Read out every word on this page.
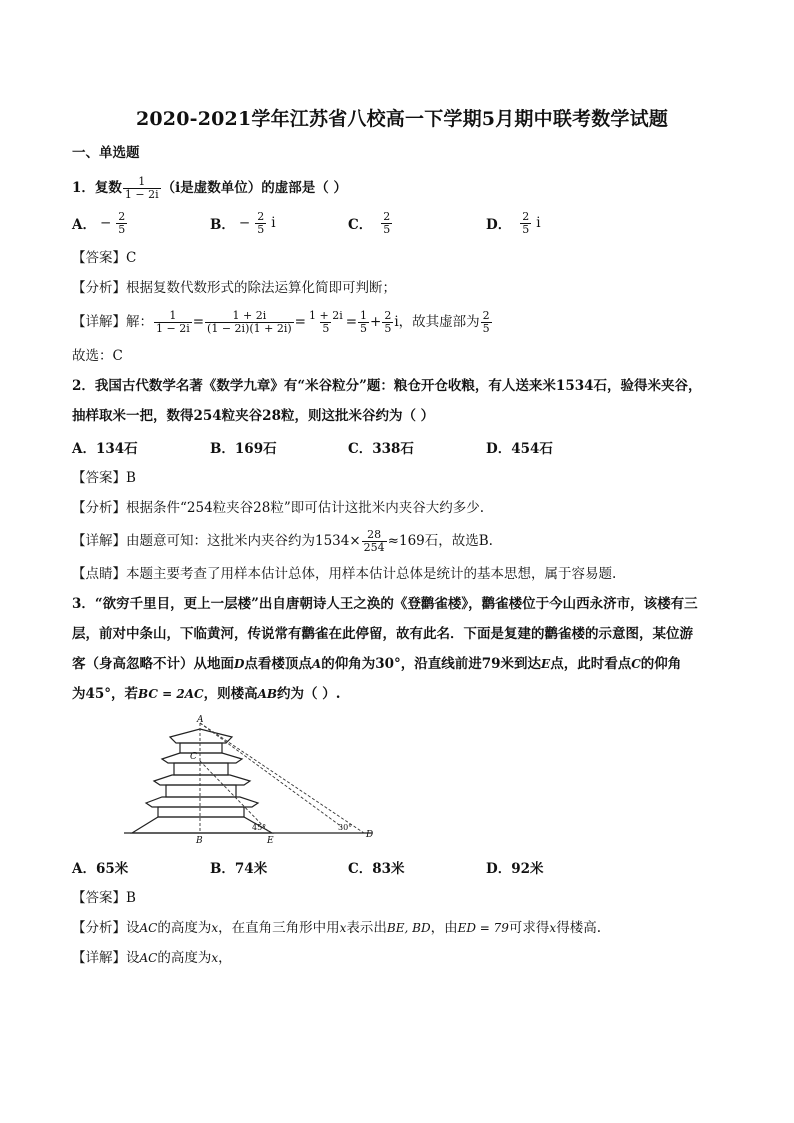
2020-2021学年江苏省八校高一下学期5月期中联考数学试题
一、单选题
1．复数 $\frac{1}{1 - 2i} (i$是虚数单位）的虚部是（ ）
A． − $\frac{2}{5}$	B． − $\frac{2}{5}$ i	C． $\frac{2}{5}$	D． $\frac{2}{5}$ i
【答案】C
【分析】根据复数代数形式的除法运算化简即可判断；
【详解】解： $\frac{1}{1 - 2i} = \frac{1 + 2i}{(1 - 2i)(1 + 2i)} = \frac{1 + 2i}{5} = \frac{1}{5} + \frac{2}{5}$ i ，故其虚部为 $\frac{2}{5}$
故选：C
2．我国古代数学名著《数学九章》有“米谷粒分”题：粮仓开仓收粮，有人送来米1534石，验得米夹谷，
抽样取米一把，数得254粒夹谷28粒，则这批米谷约为（ ）
A．134石	B．169石	C．338石	D．454石
【答案】B
【分析】根据条件“254粒夹谷28粒”即可估计这批米内夹谷大约多少.
【详解】由题意可知：这批米内夹谷约为$1534\times \frac{28}{254} \approx 169$石，故选B.
【点睛】本题主要考查了用样本估计总体，用样本估计总体是统计的基本思想，属于容易题.
3．“欲穷千里目，更上一层楼”出自唐朝诗人王之涣的《登鹳雀楼》，鹳雀楼位于今山西永济市，该楼有三
层，前对中条山，下临黄河，传说常有鹳雀在此停留，故有此名．下面是复建的鹳雀楼的示意图，某位游
客（身高忽略不计）从地面D点看楼顶点A的仰角为30°，沿直线前进79米到达E点，此时看点C的仰角
为45°，若BC = 2AC，则楼高AB约为（ ）.
A
C
B	E
D
45°	30°
A．65米	B．74米	C．83米	D．92米
【答案】B
【分析】设AC的高度为x，在直角三角形中用x表示出BE, BD，由ED = 79可求得x得楼高.
【详解】设AC的高度为x，
